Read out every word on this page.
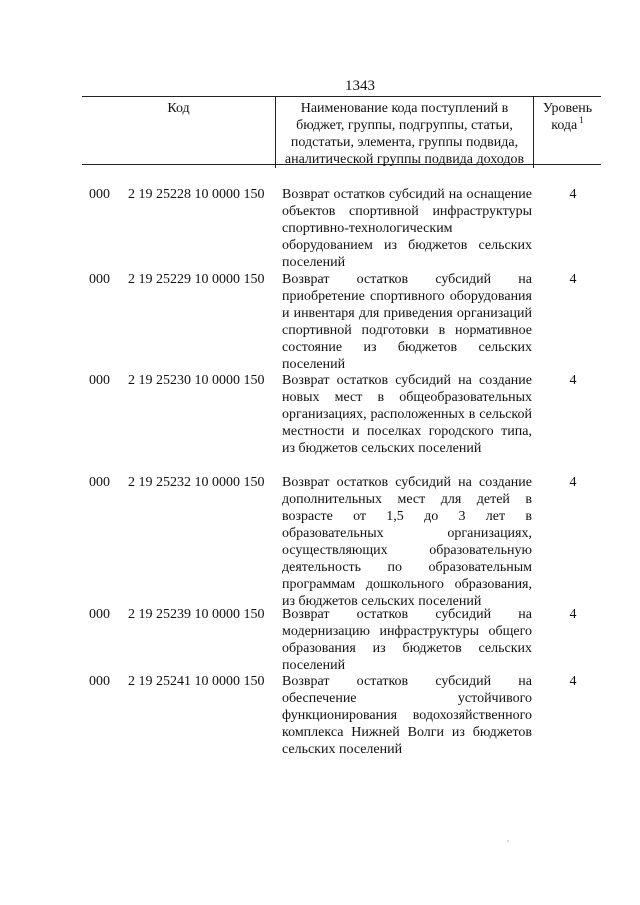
1343
Код	Наименование кода поступлений в бюджет, группы, подгруппы, статьи, подстатьи, элемента, группы подвида, аналитической группы подвида доходов
Уровень кода $^1$
000 2 19 25228 10 0000 150 Возврат остатков субсидий на оснащение объектов спортивной инфраструктуры спортивно-технологическим оборудованием из бюджетов сельских поселений
4
000 2 19 25229 10 0000 150 Возврат остатков субсидий на приобретение спортивного оборудования и инвентаря для приведения организаций спортивной подготовки в нормативное состояние из бюджетов сельских поселений
4
000 2 19 25230 10 0000 150 Возврат остатков субсидий на создание новых мест в общеобразовательных организациях, расположенных в сельской местности и поселках городского типа, из бюджетов сельских поселений
4
000 2 19 25232 10 0000 150 Возврат остатков субсидий на создание дополнительных мест для детей в возрасте от 1,5 до 3 лет в образовательных организациях, осуществляющих образовательную деятельность по образовательным программам дошкольного образования, из бюджетов сельских поселений
4
000 2 19 25239 10 0000 150 Возврат остатков субсидий на модернизацию инфраструктуры общего образования из бюджетов сельских поселений
4
000 2 19 25241 10 0000 150 Возврат остатков субсидий на обеспечение устойчивого функционирования водохозяйственного комплекса Нижней Волги из бюджетов сельских поселений
4
